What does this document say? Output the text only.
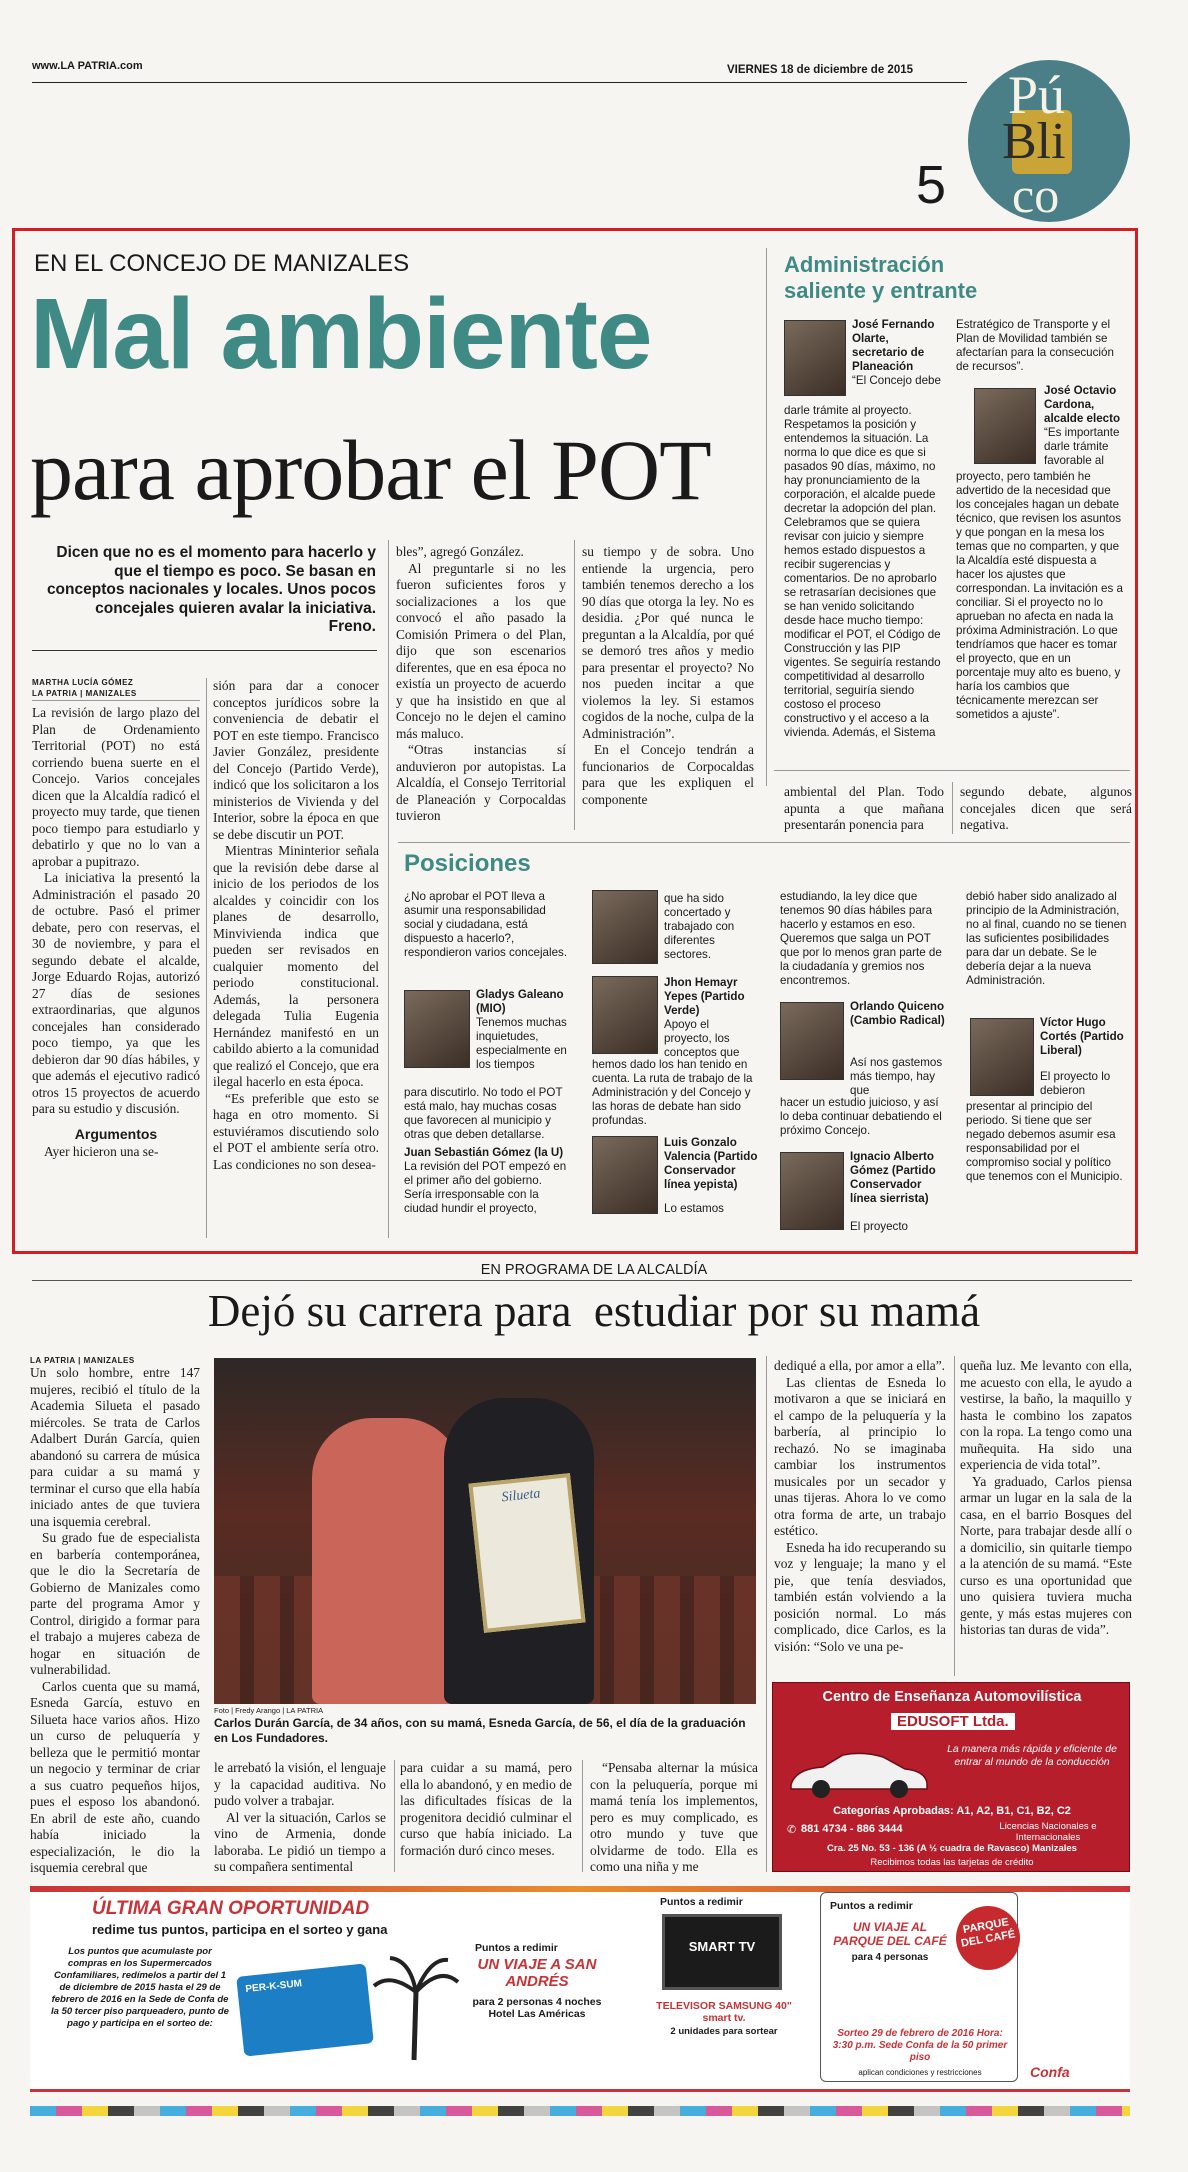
www.LA PATRIA.com	VIERNES 18 de diciembre de 2015
5
Pú
Bli
co
EN EL CONCEJO DE MANIZALES
Mal ambiente
para aprobar el POT
Dicen que no es el momento para hacerlo y que el tiempo es poco. Se basan en conceptos nacionales y locales. Unos pocos concejales quieren avalar la iniciativa.
Freno.
MARTHA LUCÍA GÓMEZ
LA PATRIA | MANIZALES

La revisión de largo plazo del Plan de Ordenamiento Territorial (POT) no está corriendo buena suerte en el Concejo. Varios concejales dicen que la Alcaldía radicó el proyecto muy tarde, que tienen poco tiempo para estudiarlo y debatirlo y que no lo van a aprobar a pupitrazo.

La iniciativa la presentó la Administración el pasado 20 de octubre. Pasó el primer debate, pero con reservas, el 30 de noviembre, y para el segundo debate el alcalde, Jorge Eduardo Rojas, autorizó 27 días de sesiones extraordinarias, que algunos concejales han considerado poco tiempo, ya que les debieron dar 90 días hábiles, y que además el ejecutivo radicó otros 15 proyectos de acuerdo para su estudio y discusión.

Argumentos

Ayer hicieron una se-

sión para dar a conocer conceptos jurídicos sobre la conveniencia de debatir el POT en este tiempo. Francisco Javier González, presidente del Concejo (Partido Verde), indicó que los solicitaron a los ministerios de Vivienda y del Interior, sobre la época en que se debe discutir un POT.

Mientras Mininterior señala que la revisión debe darse al inicio de los periodos de los alcaldes y coincidir con los planes de desarrollo, Minvivienda indica que pueden ser revisados en cualquier momento del periodo constitucional. Además, la personera delegada Tulia Eugenia Hernández manifestó en un cabildo abierto a la comunidad que realizó el Concejo, que era ilegal hacerlo en esta época.

“Es preferible que esto se haga en otro momento. Si estuviéramos discutiendo solo el POT el ambiente sería otro. Las condiciones no son desea-

bles”, agregó González.

Al preguntarle si no les fueron suficientes foros y socializaciones a los que convocó el año pasado la Comisión Primera o del Plan, dijo que son escenarios diferentes, que en esa época no existía un proyecto de acuerdo y que ha insistido en que al Concejo no le dejen el camino más maluco.

“Otras instancias sí anduvieron por autopistas. La Alcaldía, el Consejo Territorial de Planeación y Corpocaldas tuvieron

su tiempo y de sobra. Uno entiende la urgencia, pero también tenemos derecho a los 90 días que otorga la ley. No es desidia. ¿Por qué nunca le preguntan a la Alcaldía, por qué se demoró tres años y medio para presentar el proyecto? No nos pueden incitar a que violemos la ley. Si estamos cogidos de la noche, culpa de la Administración”.

En el Concejo tendrán a funcionarios de Corpocaldas para que les expliquen el componente

Administración
saliente y entrante
José Fernando Olarte, secretario de Planeación

“El Concejo debe

darle trámite al proyecto. Respetamos la posición y entendemos la situación. La norma lo que dice es que si pasados 90 días, máximo, no hay pronunciamiento de la corporación, el alcalde puede decretar la adopción del plan. Celebramos que se quiera revisar con juicio y siempre hemos estado dispuestos a recibir sugerencias y comentarios. De no aprobarlo se retrasarían decisiones que se han venido solicitando desde hace mucho tiempo: modificar el POT, el Código de Construcción y las PIP vigentes. Se seguiría restando competitividad al desarrollo territorial, seguiría siendo costoso el proceso constructivo y el acceso a la vivienda. Además, el Sistema

Estratégico de Transporte y el Plan de Movilidad también se afectarían para la consecución de recursos”.

José Octavio Cardona, alcalde electo

“Es importante darle trámite favorable al

proyecto, pero también he advertido de la necesidad que los concejales hagan un debate técnico, que revisen los asuntos y que pongan en la mesa los temas que no comparten, y que la Alcaldía esté dispuesta a hacer los ajustes que correspondan. La invitación es a conciliar. Si el proyecto no lo aprueban no afecta en nada la próxima Administración. Lo que tendríamos que hacer es tomar el proyecto, que en un porcentaje muy alto es bueno, y haría los cambios que técnicamente merezcan ser sometidos a ajuste”.

ambiental del Plan. Todo apunta a que mañana presentarán ponencia para

segundo debate, algunos concejales dicen que será negativa.

Posiciones

¿No aprobar el POT lleva a asumir una responsabilidad social y ciudadana, está dispuesto a hacerlo?, respondieron varios concejales.

Gladys Galeano (MIO)

Tenemos muchas inquietudes, especialmente en los tiempos

para discutirlo. No todo el POT está malo, hay muchas cosas que favorecen al municipio y otras que deben detallarse.

Juan Sebastián Gómez (la U)

La revisión del POT empezó en el primer año del gobierno. Sería irresponsable con la ciudad hundir el proyecto,

que ha sido concertado y trabajado con diferentes sectores.

Jhon Hemayr Yepes (Partido Verde)

Apoyo el proyecto, los conceptos que

hemos dado los han tenido en cuenta. La ruta de trabajo de la Administración y del Concejo y las horas de debate han sido profundas.

Luis Gonzalo Valencia (Partido Conservador línea yepista)

Lo estamos

estudiando, la ley dice que tenemos 90 días hábiles para hacerlo y estamos en eso. Queremos que salga un POT que por lo menos gran parte de la ciudadanía y gremios nos encontremos.

Orlando Quiceno (Cambio Radical)

Así nos gastemos más tiempo, hay que

hacer un estudio juicioso, y así lo deba continuar debatiendo el próximo Concejo.

Ignacio Alberto Gómez (Partido Conservador línea sierrista)

El proyecto

debió haber sido analizado al principio de la Administración, no al final, cuando no se tienen las suficientes posibilidades para dar un debate. Se le debería dejar a la nueva Administración.

Víctor Hugo Cortés (Partido Liberal)

El proyecto lo debieron

presentar al principio del periodo. Si tiene que ser negado debemos asumir esa responsabilidad por el compromiso social y político que tenemos con el Municipio.

EN PROGRAMA DE LA ALCALDÍA
Dejó su carrera para  estudiar por su mamá
LA PATRIA | MANIZALES

Un solo hombre, entre 147 mujeres, recibió el título de la Academia Silueta el pasado miércoles. Se trata de Carlos Adalbert Durán García, quien abandonó su carrera de música para cuidar a su mamá y terminar el curso que ella había iniciado antes de que tuviera una isquemia cerebral.

Su grado fue de especialista en barbería contemporánea, que le dio la Secretaría de Gobierno de Manizales como parte del programa Amor y Control, dirigido a formar para el trabajo a mujeres cabeza de hogar en situación de vulnerabilidad.

Carlos cuenta que su mamá, Esneda García, estuvo en Silueta hace varios años. Hizo un curso de peluquería y belleza que le permitió montar un negocio y terminar de criar a sus cuatro pequeños hijos, pues el esposo los abandonó. En abril de este año, cuando había iniciado la especialización, le dio la isquemia cerebral que

Silueta
Foto | Fredy Arango | LA PATRIA
Carlos Durán García, de 34 años, con su mamá, Esneda García, de 56, el día de la graduación en Los Fundadores.

le arrebató la visión, el lenguaje y la capacidad auditiva. No pudo volver a trabajar.

Al ver la situación, Carlos se vino de Armenia, donde laboraba. Le pidió un tiempo a su compañera sentimental

para cuidar a su mamá, pero ella lo abandonó, y en medio de las dificultades físicas de la progenitora decidió culminar el curso que había iniciado. La formación duró cinco meses.

“Pensaba alternar la música con la peluquería, porque mi mamá tenía los implementos, pero es muy complicado, es otro mundo y tuve que olvidarme de todo. Ella es como una niña y me

dediqué a ella, por amor a ella”.

Las clientas de Esneda lo motivaron a que se iniciará en el campo de la peluquería y la barbería, al principio lo rechazó. No se imaginaba cambiar los instrumentos musicales por un secador y unas tijeras. Ahora lo ve como otra forma de arte, un trabajo estético.

Esneda ha ido recuperando su voz y lenguaje; la mano y el pie, que tenía desviados, también están volviendo a la posición normal. Lo más complicado, dice Carlos, es la visión: “Solo ve una pe-

queña luz. Me levanto con ella, me acuesto con ella, le ayudo a vestirse, la baño, la maquillo y hasta le combino los zapatos con la ropa. La tengo como una muñequita. Ha sido una experiencia de vida total”.

Ya graduado, Carlos piensa armar un lugar en la sala de la casa, en el barrio Bosques del Norte, para trabajar desde allí o a domicilio, sin quitarle tiempo a la atención de su mamá. “Este curso es una oportunidad que uno quisiera tuviera mucha gente, y más estas mujeres con historias tan duras de vida”.

Centro de Enseñanza Automovilística
EDUSOFT Ltda.
La manera más rápida y eficiente de entrar al mundo de la conducción
Categorías Aprobadas: A1, A2, B1, C1, B2, C2
✆ 881 4734 - 886 3444	Licencias Nacionales e Internacionales
Cra. 25 No. 53 - 136 (A ½ cuadra de Ravasco) Manizales
Recibimos todas las tarjetas de crédito
ÚLTIMA GRAN OPORTUNIDAD
redime tus puntos, participa en el sorteo y gana
Los puntos que acumulaste por compras en los Supermercados Confamiliares, redímelos a partir del 1 de diciembre de 2015 hasta el 29 de febrero de 2016 en la Sede de Confa de la 50 tercer piso parqueadero, punto de pago y participa en el sorteo de:
PER-K-SUM
Puntos a redimir
UN VIAJE A SAN ANDRÉS
para 2 personas 4 noches Hotel Las Américas
Puntos a redimir
SMART TV
TELEVISOR SAMSUNG 40" smart tv.
2 unidades para sortear
Puntos a redimir
UN VIAJE AL PARQUE DEL CAFÉ
para 4 personas
Sorteo 29 de febrero de 2016 Hora: 3:30 p.m. Sede Confa de la 50 primer piso
aplican condiciones y restricciones
PARQUE DEL CAFÉ
Confa
